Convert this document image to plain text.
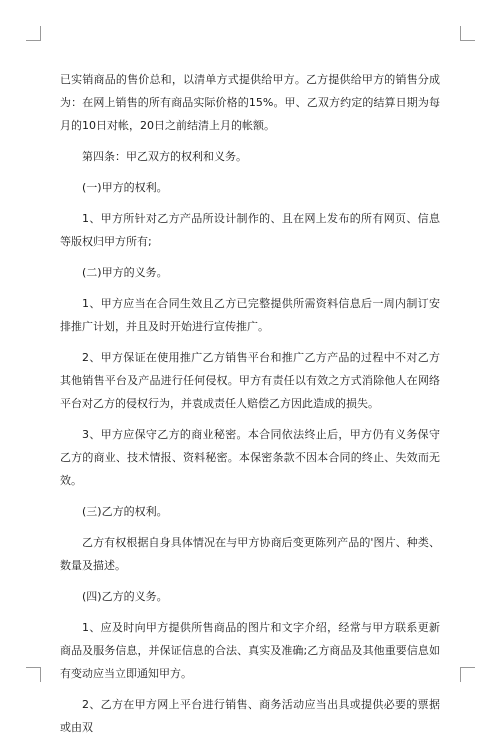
已实销商品的售价总和，以清单方式提供给甲方。乙方提供给甲方的销售分成为：在网上销售的所有商品实际价格的15%。甲、乙双方约定的结算日期为每月的10日对帐，20日之前结清上月的帐额。

第四条：甲乙双方的权利和义务。

(一)甲方的权利。

1、甲方所针对乙方产品所设计制作的、且在网上发布的所有网页、信息等版权归甲方所有;

(二)甲方的义务。

1、甲方应当在合同生效且乙方已完整提供所需资料信息后一周内制订安排推广计划，并且及时开始进行宣传推广。

2、甲方保证在使用推广乙方销售平台和推广乙方产品的过程中不对乙方其他销售平台及产品进行任何侵权。甲方有责任以有效之方式消除他人在网络平台对乙方的侵权行为，并袁成责任人赔偿乙方因此造成的损失。

3、甲方应保守乙方的商业秘密。本合同依法终止后，甲方仍有义务保守乙方的商业、技术情报、资料秘密。本保密条款不因本合同的终止、失效而无效。

(三)乙方的权利。

乙方有权根据自身具体情况在与甲方协商后变更陈列产品的'图片、种类、数量及描述。

(四)乙方的义务。

1、应及时向甲方提供所售商品的图片和文字介绍，经常与甲方联系更新商品及服务信息，并保证信息的合法、真实及准确;乙方商品及其他重要信息如有变动应当立即通知甲方。

2、乙方在甲方网上平台进行销售、商务活动应当出具或提供必要的票据或由双
